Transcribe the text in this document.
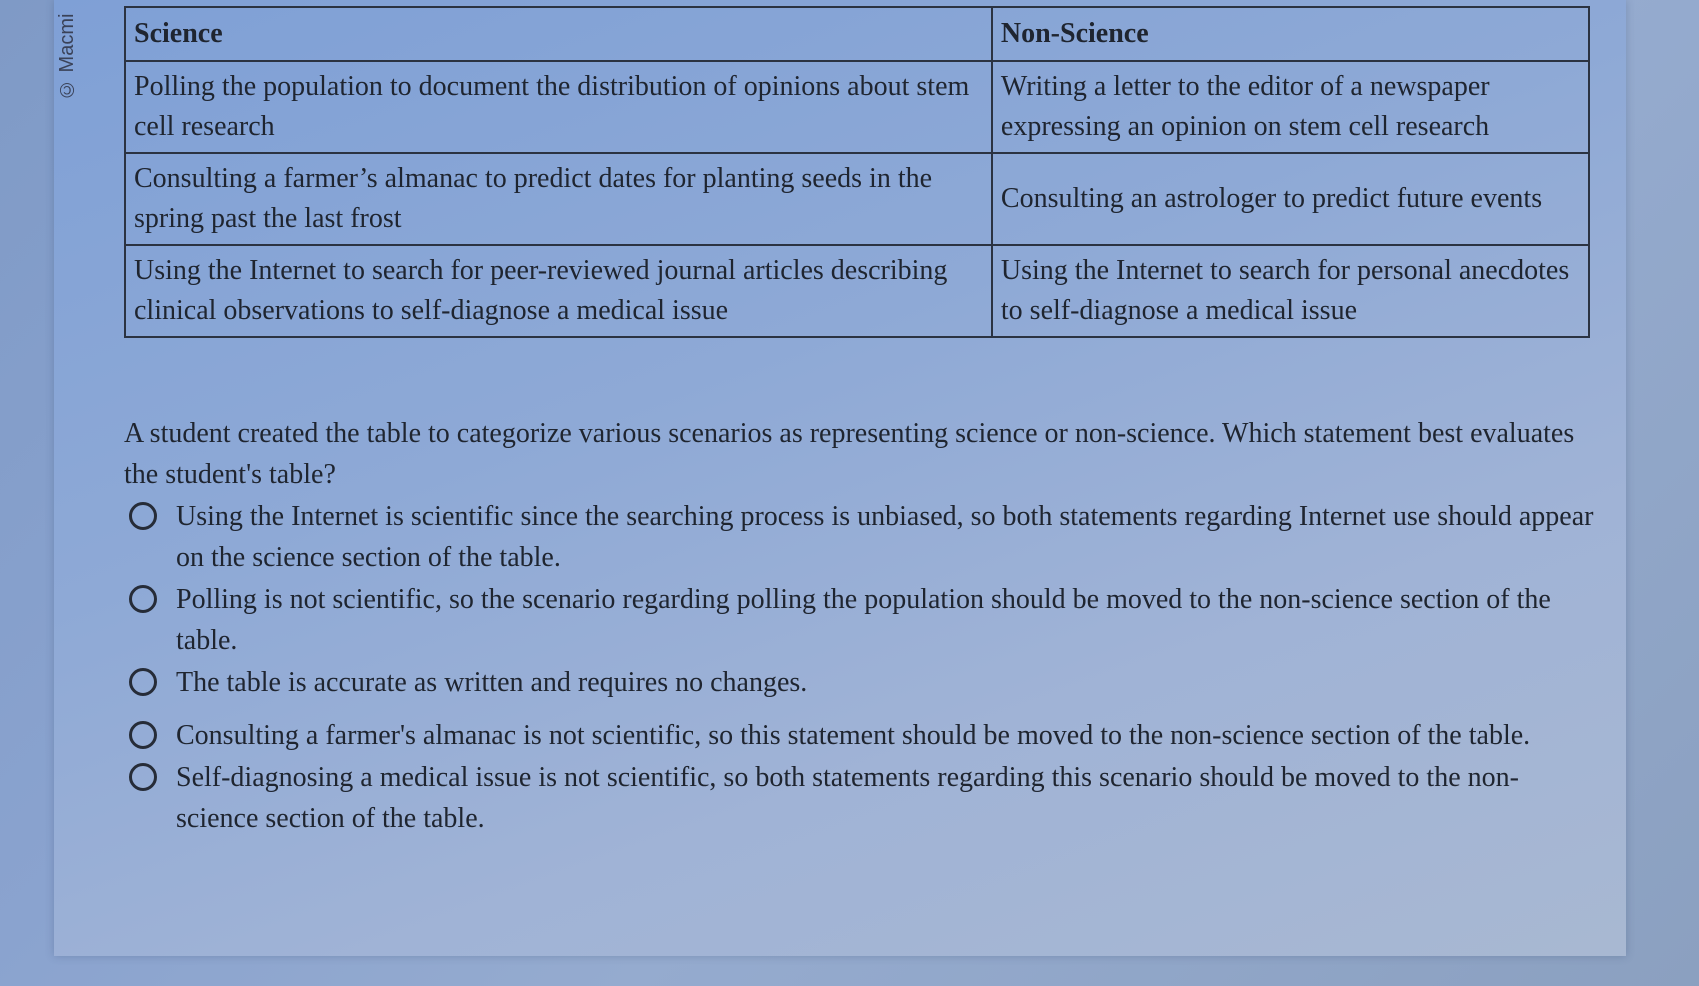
© Macmi Science	Non-Science
Polling the population to document the distribution of opinions about stem cell research	Writing a letter to the editor of a newspaper expressing an opinion on stem cell research
Consulting a farmer’s almanac to predict dates for planting seeds in the spring past the last frost	Consulting an astrologer to predict future events
Using the Internet to search for peer-reviewed journal articles describing clinical observations to self-diagnose a medical issue	Using the Internet to search for personal anecdotes to self-diagnose a medical issue
A student created the table to categorize various scenarios as representing science or non-science. Which statement best evaluates the student's table?
Using the Internet is scientific since the searching process is unbiased, so both statements regarding Internet use should appear on the science section of the table.
Polling is not scientific, so the scenario regarding polling the population should be moved to the non-science section of the table.
The table is accurate as written and requires no changes.
Consulting a farmer's almanac is not scientific, so this statement should be moved to the non-science section of the table.
Self-diagnosing a medical issue is not scientific, so both statements regarding this scenario should be moved to the non-science section of the table.
